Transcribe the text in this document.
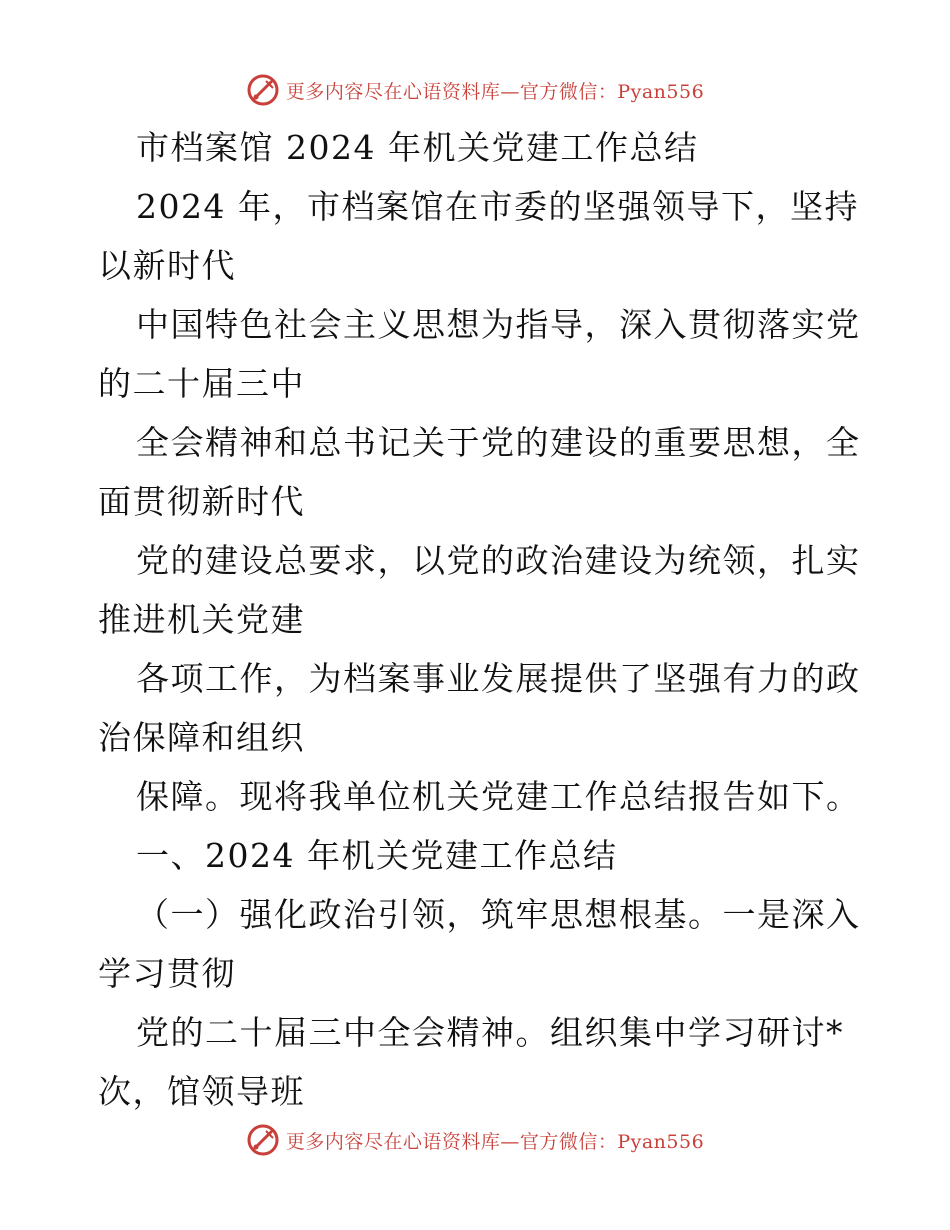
更多内容尽在心语资料库—官方微信：Pyan556
市档案馆 2024 年机关党建工作总结
2024 年，市档案馆在市委的坚强领导下，坚持
以新时代
中国特色社会主义思想为指导，深入贯彻落实党
的二十届三中
全会精神和总书记关于党的建设的重要思想，全
面贯彻新时代
党的建设总要求，以党的政治建设为统领，扎实
推进机关党建
各项工作，为档案事业发展提供了坚强有力的政
治保障和组织
保障。现将我单位机关党建工作总结报告如下。
一、2024 年机关党建工作总结
（一）强化政治引领，筑牢思想根基。一是深入
学习贯彻
党的二十届三中全会精神。组织集中学习研讨*
次，馆领导班
更多内容尽在心语资料库—官方微信：Pyan556
